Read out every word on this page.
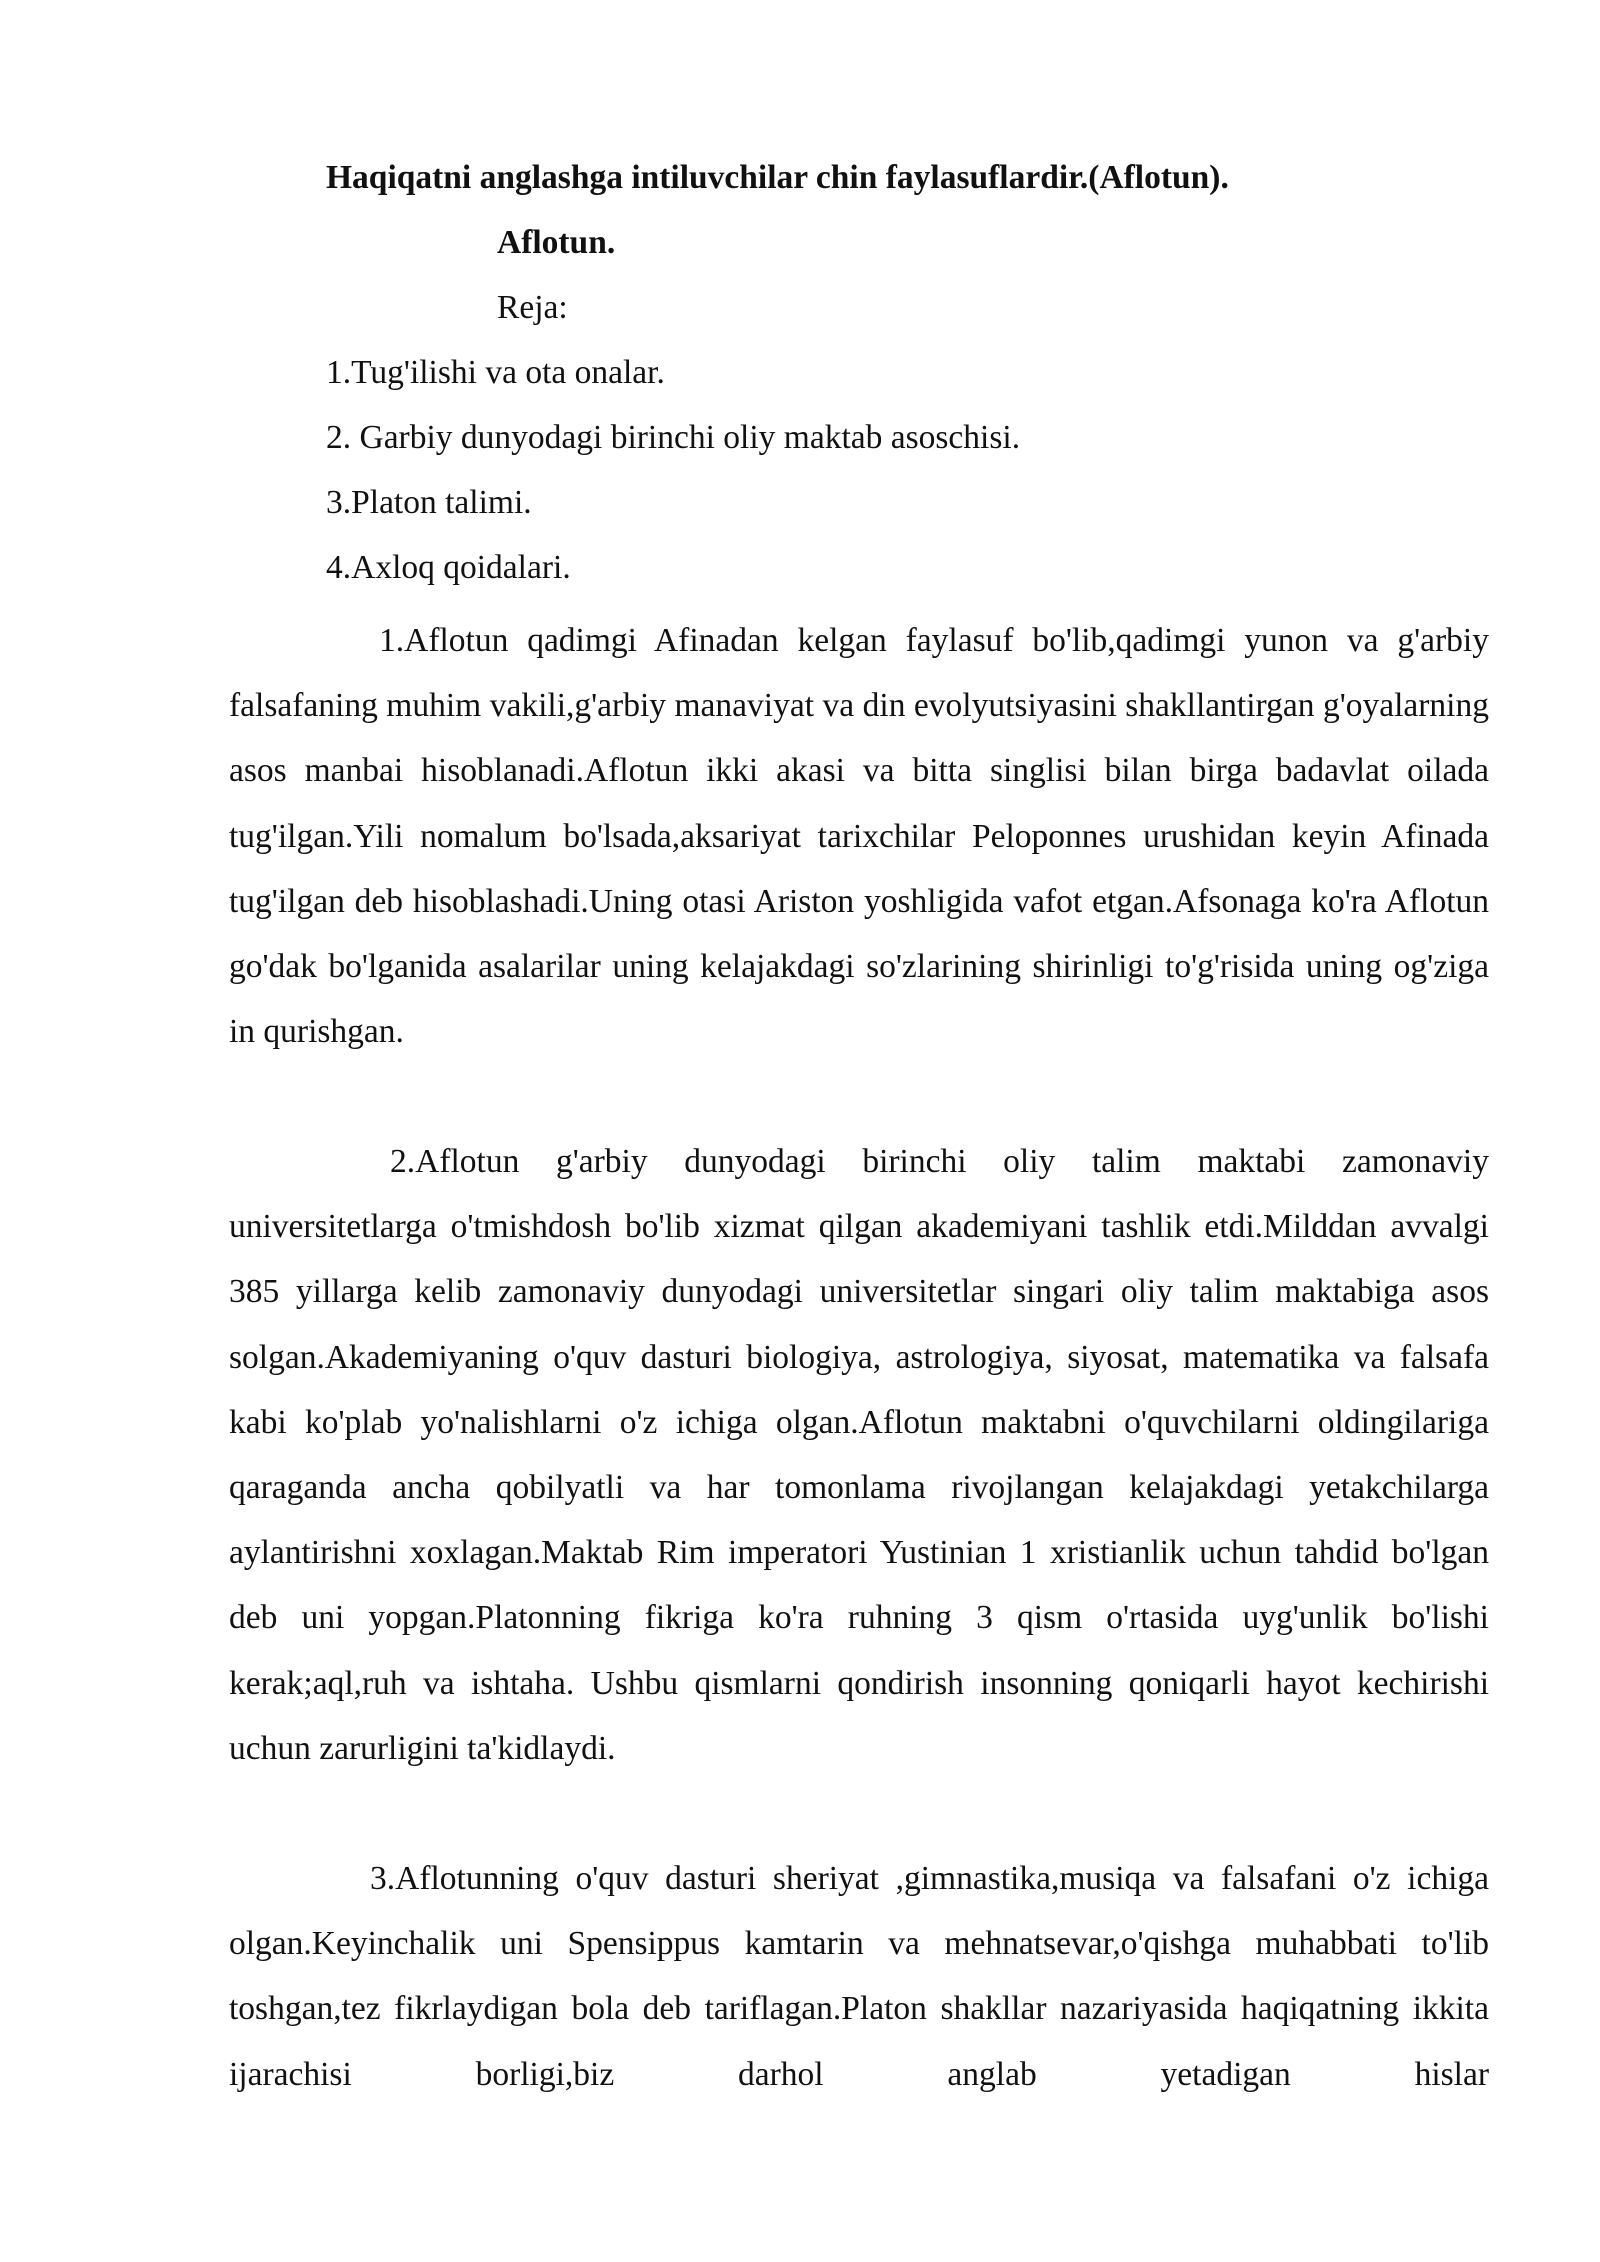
Haqiqatni anglashga intiluvchilar chin faylasuflardir.(Aflotun).
Aflotun.
Reja:
1.Tug'ilishi va ota onalar.
2. Garbiy dunyodagi birinchi oliy maktab asoschisi.
3.Platon talimi.
4.Axloq qoidalari.

1.Aflotun qadimgi Afinadan kelgan faylasuf bo'lib,qadimgi yunon va g'arbiy falsafaning muhim vakili,g'arbiy manaviyat va din evolyutsiyasini shakllantirgan g'oyalarning asos manbai hisoblanadi.Aflotun ikki akasi va bitta singlisi bilan birga badavlat oilada tug'ilgan.Yili nomalum bo'lsada,aksariyat tarixchilar Peloponnes urushidan keyin Afinada tug'ilgan deb hisoblashadi.Uning otasi Ariston yoshligida vafot etgan.Afsonaga ko'ra Aflotun go'dak bo'lganida asalarilar uning kelajakdagi so'zlarining shirinligi to'g'risida uning og'ziga in qurishgan.

2.Aflotun g'arbiy dunyodagi birinchi oliy talim maktabi zamonaviy universitetlarga o'tmishdosh bo'lib xizmat qilgan akademiyani tashlik etdi.Milddan avvalgi 385 yillarga kelib zamonaviy dunyodagi universitetlar singari oliy talim maktabiga asos solgan.Akademiyaning o'quv dasturi biologiya, astrologiya, siyosat, matematika va falsafa kabi ko'plab yo'nalishlarni o'z ichiga olgan.Aflotun maktabni o'quvchilarni oldingilariga qaraganda ancha qobilyatli va har tomonlama rivojlangan kelajakdagi yetakchilarga aylantirishni xoxlagan.Maktab Rim imperatori Yustinian 1 xristianlik uchun tahdid bo'lgan deb uni yopgan.Platonning fikriga ko'ra ruhning 3 qism o'rtasida uyg'unlik bo'lishi kerak;aql,ruh va ishtaha. Ushbu qismlarni qondirish insonning qoniqarli hayot kechirishi uchun zarurligini ta'kidlaydi.

3.Aflotunning o'quv dasturi sheriyat ,gimnastika,musiqa va falsafani o'z ichiga olgan.Keyinchalik uni Spensippus kamtarin va mehnatsevar,o'qishga muhabbati to'lib toshgan,tez fikrlaydigan bola deb tariflagan.Platon shakllar nazariyasida haqiqatning ikkita ijarachisi borligi,biz darhol anglab yetadigan hislar
